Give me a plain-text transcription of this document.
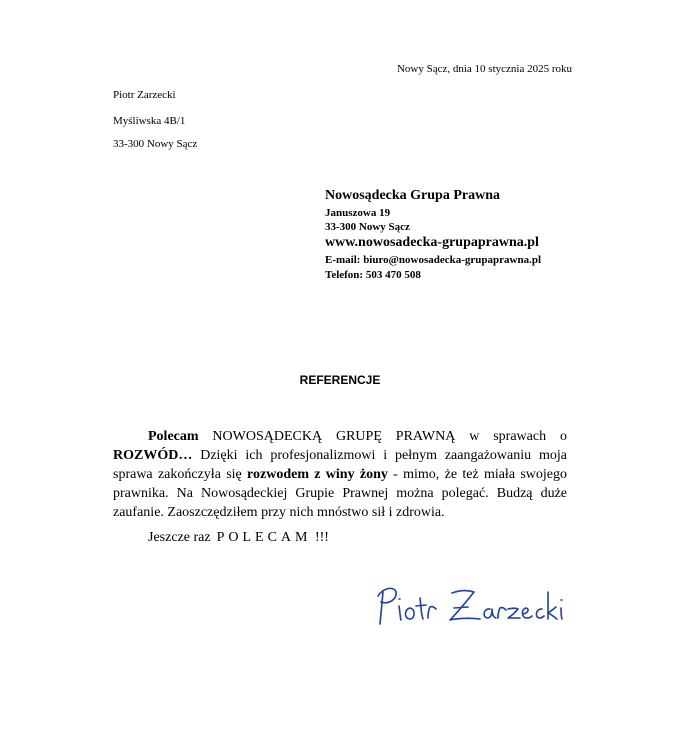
Nowy Sącz, dnia 10 stycznia 2025 roku
Piotr Zarzecki
Myśliwska 4B/1
33-300 Nowy Sącz
Nowosądecka Grupa Prawna
Januszowa 19
33-300 Nowy Sącz
www.nowosadecka-grupaprawna.pl
E-mail: biuro@nowosadecka-grupaprawna.pl
Telefon: 503 470 508
REFERENCJE
Polecam NOWOSĄDECKĄ GRUPĘ PRAWNĄ w sprawach o ROZWÓD… Dzięki ich profesjonalizmowi i pełnym zaangażowaniu moja sprawa zakończyła się rozwodem z winy żony - mimo, że też miała swojego prawnika. Na Nowosądeckiej Grupie Prawnej można polegać. Budzą duże zaufanie. Zaoszczędziłem przy nich mnóstwo sił i zdrowia.
Jeszcze raz POLECAM !!!
